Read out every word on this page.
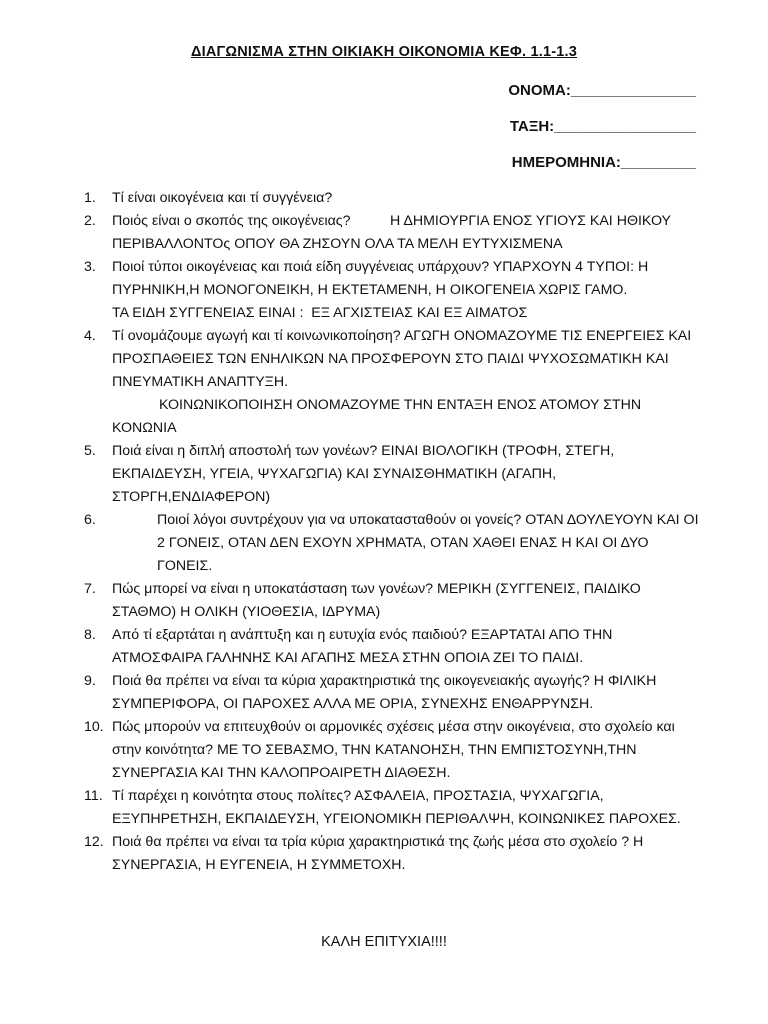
ΔΙΑΓΩΝΙΣΜΑ ΣΤΗΝ ΟΙΚΙΑΚΗ ΟΙΚΟΝΟΜΙΑ ΚΕΦ. 1.1-1.3
ΟΝΟΜΑ:_______________
ΤΑΞΗ:_________________
ΗΜΕΡΟΜΗΝΙΑ:_________
1. Τί είναι οικογένεια και τί συγγένεια?
2. Ποιός είναι ο σκοπός της οικογένειας?          Η ΔΗΜΙΟΥΡΓΙΑ ΕΝΟΣ ΥΓΙΟΥΣ ΚΑΙ ΗΘΙΚΟΥ ΠΕΡΙΒΑΛΛΟΝΤΟς ΟΠΟΥ ΘΑ ΖΗΣΟΥΝ ΟΛΑ ΤΑ ΜΕΛΗ ΕΥΤΥΧΙΣΜΕΝΑ
3. Ποιοί τύποι οικογένειας και ποιά είδη συγγένειας υπάρχουν? ΥΠΑΡΧΟΥΝ 4 ΤΥΠΟΙ: Η ΠΥΡΗΝΙΚΗ,Η ΜΟΝΟΓΟΝΕΙΚΗ, Η ΕΚΤΕΤΑΜΕΝΗ, Η ΟΙΚΟΓΕΝΕΙΑ ΧΩΡΙΣ ΓΑΜΟ.                ΤΑ ΕΙΔΗ ΣΥΓΓΕΝΕΙΑΣ ΕΙΝΑΙ :  ΕΞ ΑΓΧΙΣΤΕΙΑΣ ΚΑΙ ΕΞ ΑΙΜΑΤΟΣ
4. Τί ονομάζουμε αγωγή και τί κοινωνικοποίηση? ΑΓΩΓΗ ΟΝΟΜΑΖΟΥΜΕ ΤΙΣ ΕΝΕΡΓΕΙΕΣ ΚΑΙ ΠΡΟΣΠΑΘΕΙΕΣ ΤΩΝ ΕΝΗΛΙΚΩΝ ΝΑ ΠΡΟΣΦΕΡΟΥΝ ΣΤΟ ΠΑΙΔΙ ΨΥΧΟΣΩΜΑΤΙΚΗ ΚΑΙ ΠΝΕΥΜΑΤΙΚΗ ΑΝΑΠΤΥΞΗ.
ΚΟΙΝΩΝΙΚΟΠΟΙΗΣΗ ΟΝΟΜΑΖΟΥΜΕ ΤΗΝ ΕΝΤΑΞΗ ΕΝΟΣ ΑΤΟΜΟΥ ΣΤΗΝ
ΚΟΝΩΝΙΑ
5. Ποιά είναι η διπλή αποστολή των γονέων? ΕΙΝΑΙ ΒΙΟΛΟΓΙΚΗ (ΤΡΟΦΗ, ΣΤΕΓΗ, ΕΚΠΑΙΔΕΥΣΗ, ΥΓΕΙΑ, ΨΥΧΑΓΩΓΙΑ) ΚΑΙ ΣΥΝΑΙΣΘΗΜΑΤΙΚΗ (ΑΓΑΠΗ, ΣΤΟΡΓΗ,ΕΝΔΙΑΦΕΡΟΝ)
6.	Ποιοί λόγοι συντρέχουν για να υποκατασταθούν οι γονείς? ΟΤΑΝ ΔΟΥΛΕΥΟΥΝ ΚΑΙ ΟΙ 2 ΓΟΝΕΙΣ, ΟΤΑΝ ΔΕΝ ΕΧΟΥΝ ΧΡΗΜΑΤΑ, ΟΤΑΝ ΧΑΘΕΙ ΕΝΑΣ Η ΚΑΙ ΟΙ ΔΥΟ ΓΟΝΕΙΣ.
7. Πώς μπορεί να είναι η υποκατάσταση των γονέων? ΜΕΡΙΚΗ (ΣΥΓΓΕΝΕΙΣ, ΠΑΙΔΙΚΟ ΣΤΑΘΜΟ) Η ΟΛΙΚΗ (ΥΙΟΘΕΣΙΑ, ΙΔΡΥΜΑ)
8. Από τί εξαρτάται η ανάπτυξη και η ευτυχία ενός παιδιού? ΕΞΑΡΤΑΤΑΙ ΑΠΟ ΤΗΝ ΑΤΜΟΣΦΑΙΡΑ ΓΑΛΗΝΗΣ ΚΑΙ ΑΓΑΠΗΣ ΜΕΣΑ ΣΤΗΝ ΟΠΟΙΑ ΖΕΙ ΤΟ ΠΑΙΔΙ.
9. Ποιά θα πρέπει να είναι τα κύρια χαρακτηριστικά της οικογενειακής αγωγής? Η ΦΙΛΙΚΗ ΣΥΜΠΕΡΙΦΟΡΑ, ΟΙ ΠΑΡΟΧΕΣ ΑΛΛΑ ΜΕ ΟΡΙΑ, ΣΥΝΕΧΗΣ ΕΝΘΑΡΡΥΝΣΗ.
10. Πώς μπορούν να επιτευχθούν οι αρμονικές σχέσεις μέσα στην οικογένεια, στο σχολείο και στην κοινότητα? ΜΕ ΤΟ ΣΕΒΑΣΜΟ, ΤΗΝ ΚΑΤΑΝΟΗΣΗ, ΤΗΝ ΕΜΠΙΣΤΟΣΥΝΗ,ΤΗΝ ΣΥΝΕΡΓΑΣΙΑ ΚΑΙ ΤΗΝ ΚΑΛΟΠΡΟΑΙΡΕΤΗ ΔΙΑΘΕΣΗ.
11. Τί παρέχει η κοινότητα στους πολίτες? ΑΣΦΑΛΕΙΑ, ΠΡΟΣΤΑΣΙΑ, ΨΥΧΑΓΩΓΙΑ, ΕΞΥΠΗΡΕΤΗΣΗ, ΕΚΠΑΙΔΕΥΣΗ, ΥΓΕΙΟΝΟΜΙΚΗ ΠΕΡΙΘΑΛΨΗ, ΚΟΙΝΩΝΙΚΕΣ ΠΑΡΟΧΕΣ.
12. Ποιά θα πρέπει να είναι τα τρία κύρια χαρακτηριστικά της ζωής μέσα στο σχολείο ? Η ΣΥΝΕΡΓΑΣΙΑ, Η ΕΥΓΕΝΕΙΑ, Η ΣΥΜΜΕΤΟΧΗ.
ΚΑΛΗ ΕΠΙΤΥΧΙΑ!!!!
